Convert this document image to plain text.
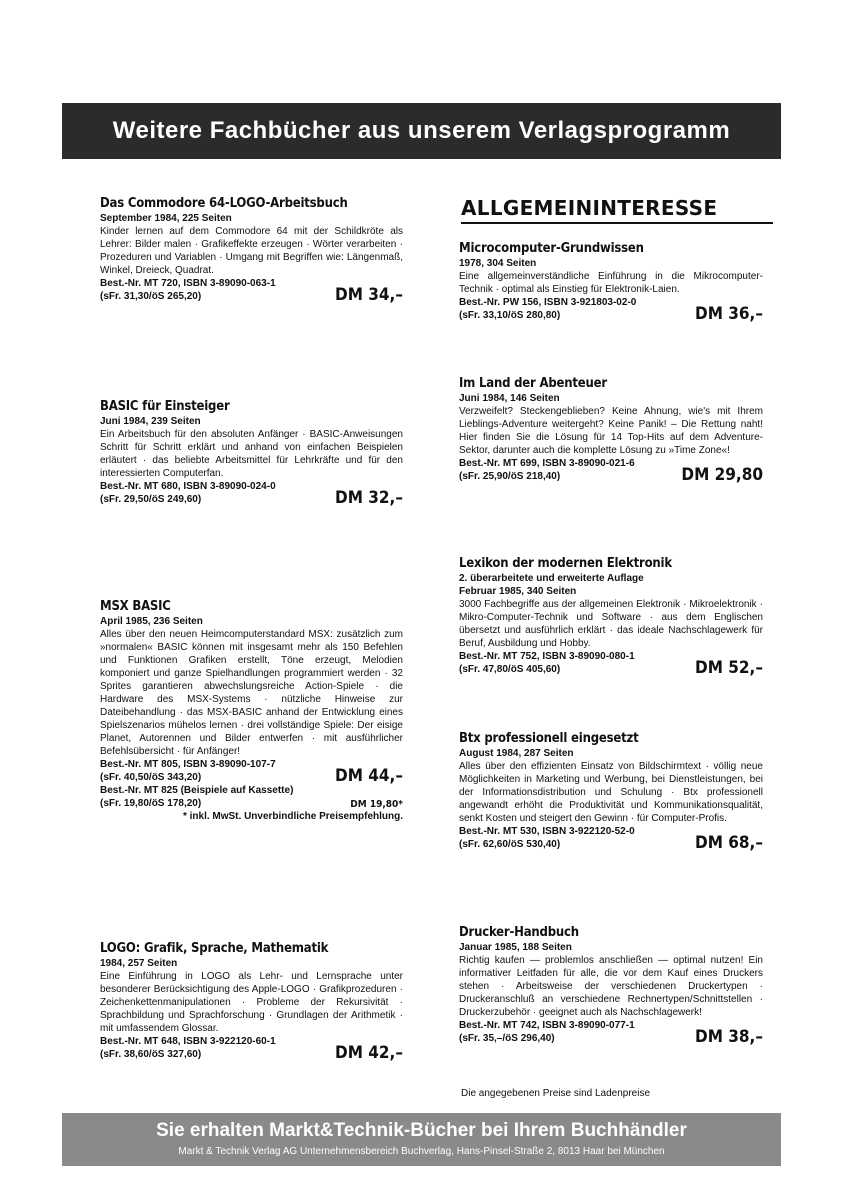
Weitere Fachbücher aus unserem Verlagsprogramm
ALLGEMEININTERESSE

Das Commodore 64-LOGO-Arbeitsbuch

September 1984, 225 Seiten

Kinder lernen auf dem Commodore 64 mit der Schildkröte als Lehrer: Bilder malen · Grafikeffekte erzeugen · Wörter verarbeiten · Prozeduren und Variablen · Umgang mit Begriffen wie: Längenmaß, Winkel, Dreieck, Quadrat.

Best.-Nr. MT 720, ISBN 3-89090-063-1

(sFr. 31,30/öS 265,20)	DM 34,–

BASIC für Einsteiger

Juni 1984, 239 Seiten

Ein Arbeitsbuch für den absoluten Anfänger · BASIC-Anweisungen Schritt für Schritt erklärt und anhand von einfachen Beispielen erläutert · das beliebte Arbeitsmittel für Lehrkräfte und für den interessierten Computerfan.

Best.-Nr. MT 680, ISBN 3-89090-024-0

(sFr. 29,50/öS 249,60)	DM 32,–

MSX BASIC

April 1985, 236 Seiten

Alles über den neuen Heimcomputerstandard MSX: zusätzlich zum »normalen« BASIC können mit insgesamt mehr als 150 Befehlen und Funktionen Grafiken erstellt, Töne erzeugt, Melodien komponiert und ganze Spielhandlungen programmiert werden · 32 Sprites garantieren abwechslungsreiche Action-Spiele · die Hardware des MSX-Systems · nützliche Hinweise zur Dateibehandlung · das MSX-BASIC anhand der Entwicklung eines Spielszenarios mühelos lernen · drei vollständige Spiele: Der eisige Planet, Autorennen und Bilder entwerfen · mit ausführlicher Befehlsübersicht · für Anfänger!

Best.-Nr. MT 805, ISBN 3-89090-107-7

(sFr. 40,50/öS 343,20)	DM 44,–

Best.-Nr. MT 825 (Beispiele auf Kassette)

(sFr. 19,80/öS 178,20)	DM 19,80*

* inkl. MwSt. Unverbindliche Preisempfehlung.

LOGO: Grafik, Sprache, Mathematik

1984, 257 Seiten

Eine Einführung in LOGO als Lehr- und Lernsprache unter besonderer Berücksichtigung des Apple-LOGO · Grafikprozeduren · Zeichenkettenmanipulationen · Probleme der Rekursivität · Sprachbildung und Sprachforschung · Grundlagen der Arithmetik · mit umfassendem Glossar.

Best.-Nr. MT 648, ISBN 3-922120-60-1

(sFr. 38,60/öS 327,60)	DM 42,–

Microcomputer-Grundwissen

1978, 304 Seiten

Eine allgemeinverständliche Einführung in die Mikrocomputer-Technik · optimal als Einstieg für Elektronik-Laien.

Best.-Nr. PW 156, ISBN 3-921803-02-0

(sFr. 33,10/öS 280,80)	DM 36,–

Im Land der Abenteuer

Juni 1984, 146 Seiten

Verzweifelt? Steckengeblieben? Keine Ahnung, wie's mit Ihrem Lieblings-Adventure weitergeht? Keine Panik! – Die Rettung naht! Hier finden Sie die Lösung für 14 Top-Hits auf dem Adventure-Sektor, darunter auch die komplette Lösung zu »Time Zone«!

Best.-Nr. MT 699, ISBN 3-89090-021-6

(sFr. 25,90/öS 218,40)	DM 29,80

Lexikon der modernen Elektronik

2. überarbeitete und erweiterte Auflage

Februar 1985, 340 Seiten

3000 Fachbegriffe aus der allgemeinen Elektronik · Mikroelektronik · Mikro-Computer-Technik und Software · aus dem Englischen übersetzt und ausführlich erklärt · das ideale Nachschlagewerk für Beruf, Ausbildung und Hobby.

Best.-Nr. MT 752, ISBN 3-89090-080-1

(sFr. 47,80/öS 405,60)	DM 52,–

Btx professionell eingesetzt

August 1984, 287 Seiten

Alles über den effizienten Einsatz von Bildschirmtext · völlig neue Möglichkeiten in Marketing und Werbung, bei Dienstleistungen, bei der Informationsdistribution und Schulung · Btx professionell angewandt erhöht die Produktivität und Kommunikationsqualität, senkt Kosten und steigert den Gewinn · für Computer-Profis.

Best.-Nr. MT 530, ISBN 3-922120-52-0

(sFr. 62,60/öS 530,40)	DM 68,–

Drucker-Handbuch

Januar 1985, 188 Seiten

Richtig kaufen — problemlos anschließen — optimal nutzen! Ein informativer Leitfaden für alle, die vor dem Kauf eines Druckers stehen · Arbeitsweise der verschiedenen Druckertypen · Druckeranschluß an verschiedene Rechnertypen/Schnittstellen · Druckerzubehör · geeignet auch als Nachschlagewerk!

Best.-Nr. MT 742, ISBN 3-89090-077-1

(sFr. 35,–/öS 296,40)	DM 38,–
Die angegebenen Preise sind Ladenpreise
Sie erhalten Markt&Technik-Bücher bei Ihrem Buchhändler
Markt & Technik Verlag AG Unternehmensbereich Buchverlag, Hans-Pinsel-Straße 2, 8013 Haar bei München
